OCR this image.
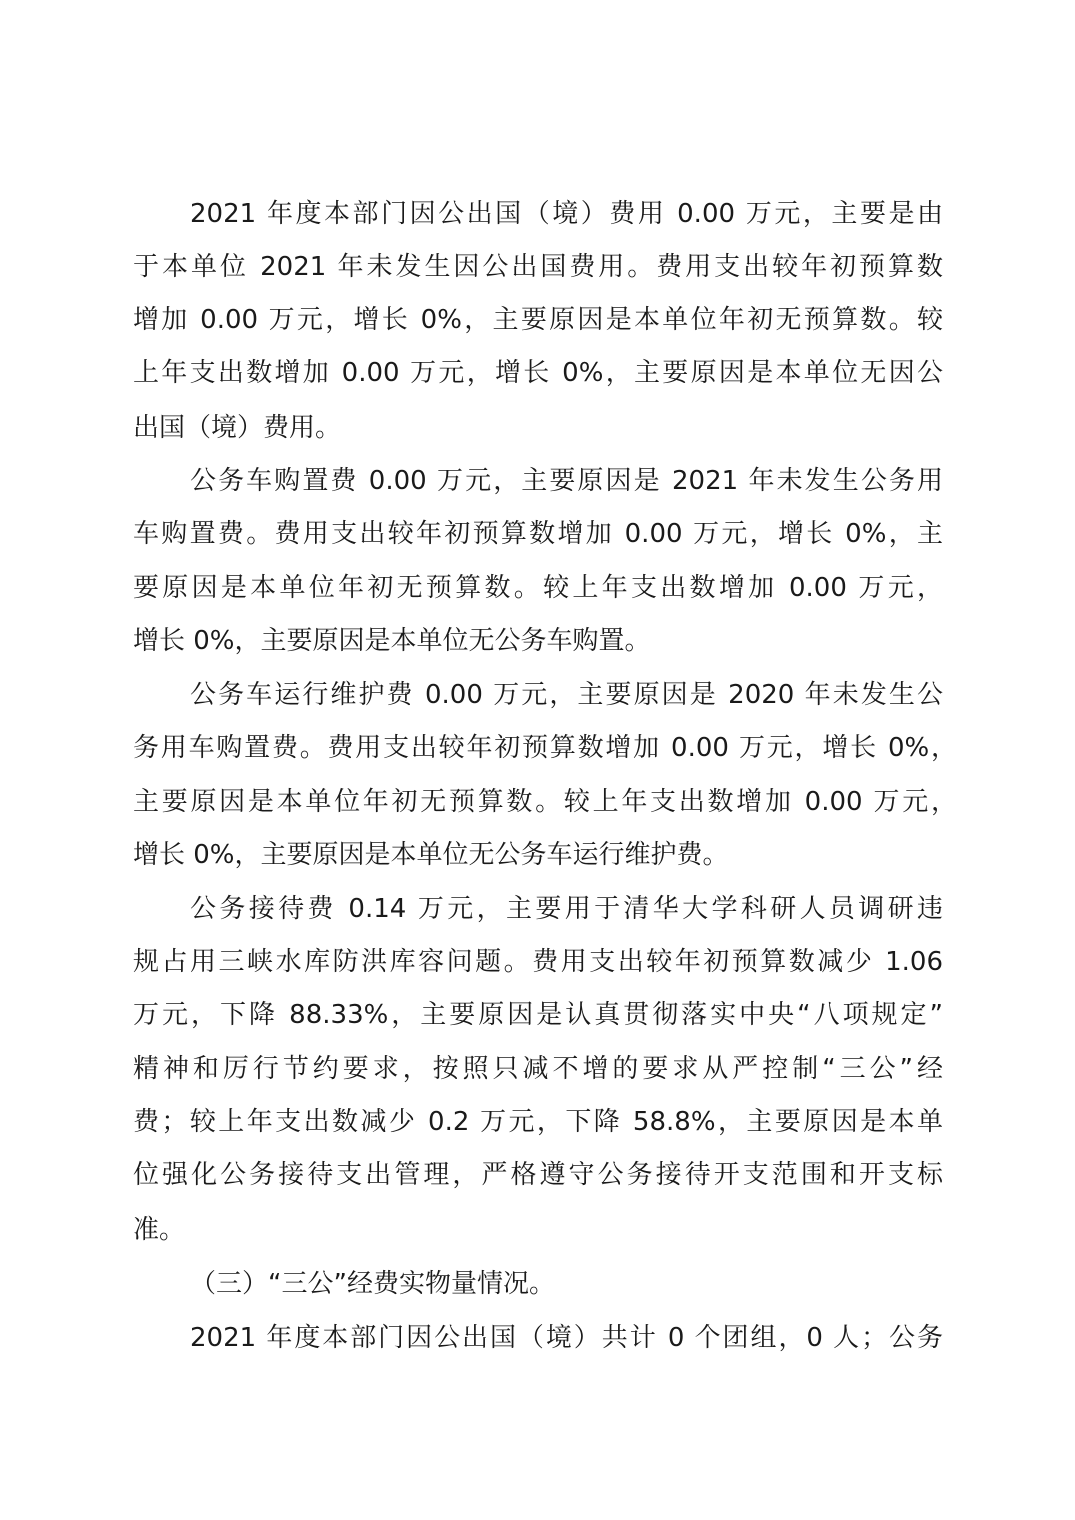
2021 年度本部门因公出国（境）费用 0.00 万元，主要是由

于本单位 2021 年未发生因公出国费用。费用支出较年初预算数

增加 0.00 万元，增长 0%，主要原因是本单位年初无预算数。较

上年支出数增加 0.00 万元，增长 0%，主要原因是本单位无因公

出国（境）费用。

公务车购置费 0.00 万元，主要原因是 2021 年未发生公务用

车购置费。费用支出较年初预算数增加 0.00 万元，增长 0%，主

要原因是本单位年初无预算数。较上年支出数增加 0.00 万元，

增长 0%，主要原因是本单位无公务车购置。

公务车运行维护费 0.00 万元，主要原因是 2020 年未发生公

务用车购置费。费用支出较年初预算数增加 0.00 万元，增长 0%，

主要原因是本单位年初无预算数。较上年支出数增加 0.00 万元，

增长 0%，主要原因是本单位无公务车运行维护费。

公务接待费 0.14 万元，主要用于清华大学科研人员调研违

规占用三峡水库防洪库容问题。费用支出较年初预算数减少 1.06

万元，下降 88.33%，主要原因是认真贯彻落实中央“八项规定”

精神和厉行节约要求，按照只减不增的要求从严控制“三公”经

费；较上年支出数减少 0.2 万元，下降 58.8%，主要原因是本单

位强化公务接待支出管理，严格遵守公务接待开支范围和开支标

准。

（三）“三公”经费实物量情况。

2021 年度本部门因公出国（境）共计 0 个团组，0 人；公务
